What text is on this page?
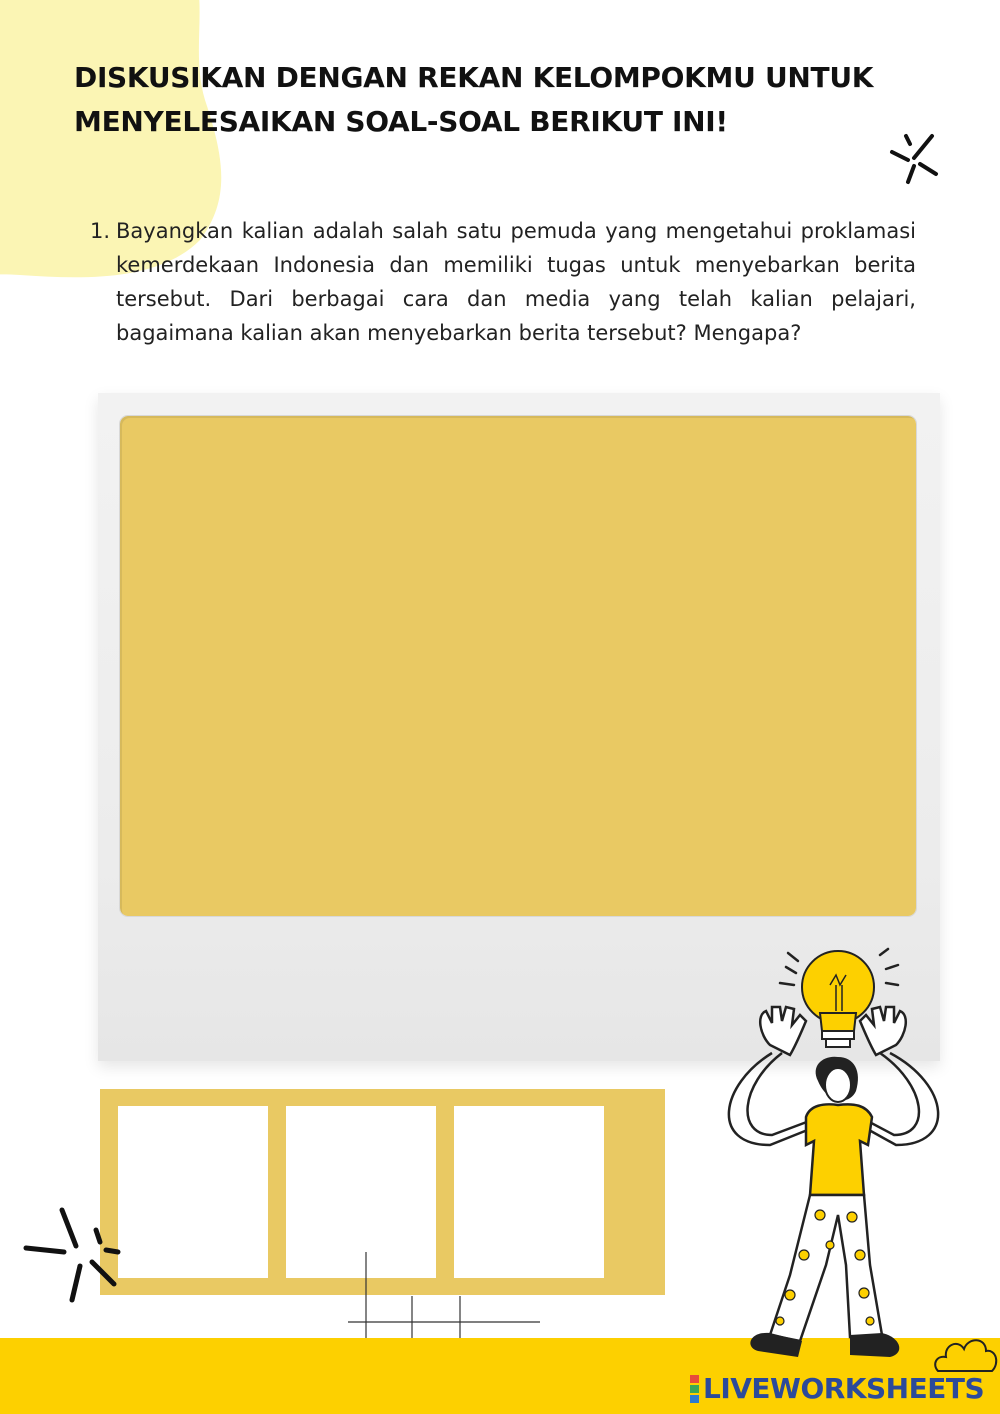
DISKUSIKAN DENGAN REKAN KELOMPOKMU UNTUK
MENYELESAIKAN SOAL-SOAL BERIKUT INI!
1. Bayangkan kalian adalah salah satu pemuda yang mengetahui proklamasi kemerdekaan Indonesia dan memiliki tugas untuk menyebarkan berita tersebut. Dari berbagai cara dan media yang telah kalian pelajari, bagaimana kalian akan menyebarkan berita tersebut? Mengapa?
LIVEWORKSHEETS
